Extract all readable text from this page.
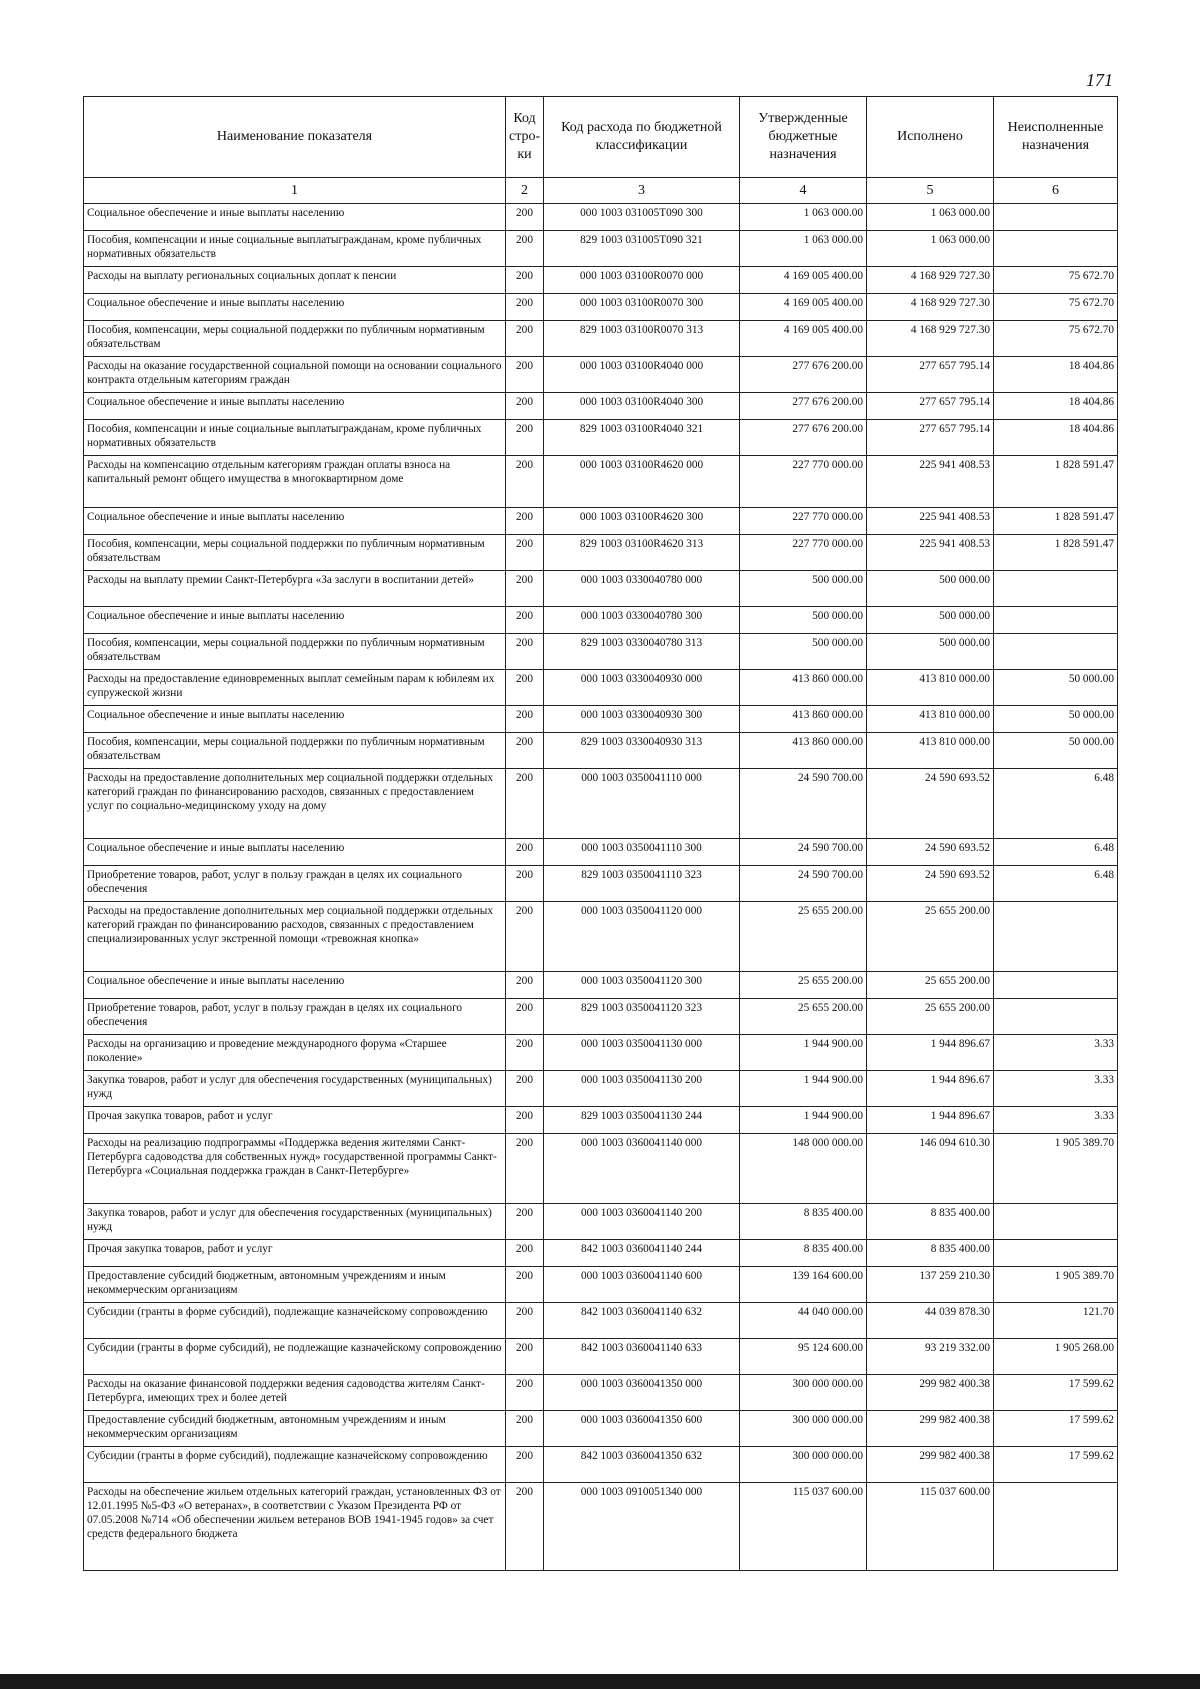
171
Наименование показателя	Код стро- ки	Код расхода по бюджетной классификации	Утвержденные бюджетные назначения	Исполнено	Неисполненные назначения
1	2	3	4	5	6
Социальное обеспечение и иные выплаты населению	200	000 1003 031005Т090 300	1 063 000.00	1 063 000.00	
Пособия, компенсации и иные социальные выплатыгражданам, кроме публичных нормативных обязательств	200	829 1003 031005Т090 321	1 063 000.00	1 063 000.00	
Расходы на выплату региональных социальных доплат к пенсии	200	000 1003 03100R0070 000	4 169 005 400.00	4 168 929 727.30	75 672.70
Социальное обеспечение и иные выплаты населению	200	000 1003 03100R0070 300	4 169 005 400.00	4 168 929 727.30	75 672.70
Пособия, компенсации, меры социальной поддержки по публичным нормативным обязательствам	200	829 1003 03100R0070 313	4 169 005 400.00	4 168 929 727.30	75 672.70
Расходы на оказание государственной социальной помощи на основании социального контракта отдельным категориям граждан	200	000 1003 03100R4040 000	277 676 200.00	277 657 795.14	18 404.86
Социальное обеспечение и иные выплаты населению	200	000 1003 03100R4040 300	277 676 200.00	277 657 795.14	18 404.86
Пособия, компенсации и иные социальные выплатыгражданам, кроме публичных нормативных обязательств	200	829 1003 03100R4040 321	277 676 200.00	277 657 795.14	18 404.86
Расходы на компенсацию отдельным категориям граждан оплаты взноса на капитальный ремонт общего имущества в многоквартирном доме	200	000 1003 03100R4620 000	227 770 000.00	225 941 408.53	1 828 591.47
Социальное обеспечение и иные выплаты населению	200	000 1003 03100R4620 300	227 770 000.00	225 941 408.53	1 828 591.47
Пособия, компенсации, меры социальной поддержки по публичным нормативным обязательствам	200	829 1003 03100R4620 313	227 770 000.00	225 941 408.53	1 828 591.47
Расходы на выплату премии Санкт-Петербурга «За заслуги в воспитании детей»	200	000 1003 0330040780 000	500 000.00	500 000.00	
Социальное обеспечение и иные выплаты населению	200	000 1003 0330040780 300	500 000.00	500 000.00	
Пособия, компенсации, меры социальной поддержки по публичным нормативным обязательствам	200	829 1003 0330040780 313	500 000.00	500 000.00	
Расходы на предоставление единовременных выплат семейным парам к юбилеям их супружеской жизни	200	000 1003 0330040930 000	413 860 000.00	413 810 000.00	50 000.00
Социальное обеспечение и иные выплаты населению	200	000 1003 0330040930 300	413 860 000.00	413 810 000.00	50 000.00
Пособия, компенсации, меры социальной поддержки по публичным нормативным обязательствам	200	829 1003 0330040930 313	413 860 000.00	413 810 000.00	50 000.00
Расходы на предоставление дополнительных мер социальной поддержки отдельных категорий граждан по финансированию расходов, связанных с предоставлением услуг по социально-медицинскому уходу на дому	200	000 1003 0350041110 000	24 590 700.00	24 590 693.52	6.48
Социальное обеспечение и иные выплаты населению	200	000 1003 0350041110 300	24 590 700.00	24 590 693.52	6.48
Приобретение товаров, работ, услуг в пользу граждан в целях их социального обеспечения	200	829 1003 0350041110 323	24 590 700.00	24 590 693.52	6.48
Расходы на предоставление дополнительных мер социальной поддержки отдельных категорий граждан по финансированию расходов, связанных с предоставлением специализированных услуг экстренной помощи «тревожная кнопка»	200	000 1003 0350041120 000	25 655 200.00	25 655 200.00	
Социальное обеспечение и иные выплаты населению	200	000 1003 0350041120 300	25 655 200.00	25 655 200.00	
Приобретение товаров, работ, услуг в пользу граждан в целях их социального обеспечения	200	829 1003 0350041120 323	25 655 200.00	25 655 200.00	
Расходы на организацию и проведение международного форума «Старшее поколение»	200	000 1003 0350041130 000	1 944 900.00	1 944 896.67	3.33
Закупка товаров, работ и услуг для обеспечения государственных (муниципальных) нужд	200	000 1003 0350041130 200	1 944 900.00	1 944 896.67	3.33
Прочая закупка товаров, работ и услуг	200	829 1003 0350041130 244	1 944 900.00	1 944 896.67	3.33
Расходы на реализацию подпрограммы «Поддержка ведения жителями Санкт-Петербурга садоводства для собственных нужд» государственной программы Санкт-Петербурга «Социальная поддержка граждан в Санкт-Петербурге»	200	000 1003 0360041140 000	148 000 000.00	146 094 610.30	1 905 389.70
Закупка товаров, работ и услуг для обеспечения государственных (муниципальных) нужд	200	000 1003 0360041140 200	8 835 400.00	8 835 400.00	
Прочая закупка товаров, работ и услуг	200	842 1003 0360041140 244	8 835 400.00	8 835 400.00	
Предоставление субсидий бюджетным, автономным учреждениям и иным некоммерческим организациям	200	000 1003 0360041140 600	139 164 600.00	137 259 210.30	1 905 389.70
Субсидии (гранты в форме субсидий), подлежащие казначейскому сопровождению	200	842 1003 0360041140 632	44 040 000.00	44 039 878.30	121.70
Субсидии (гранты в форме субсидий), не подлежащие казначейскому сопровождению	200	842 1003 0360041140 633	95 124 600.00	93 219 332.00	1 905 268.00
Расходы на оказание финансовой поддержки ведения садоводства жителям Санкт-Петербурга, имеющих трех и более детей	200	000 1003 0360041350 000	300 000 000.00	299 982 400.38	17 599.62
Предоставление субсидий бюджетным, автономным учреждениям и иным некоммерческим организациям	200	000 1003 0360041350 600	300 000 000.00	299 982 400.38	17 599.62
Субсидии (гранты в форме субсидий), подлежащие казначейскому сопровождению	200	842 1003 0360041350 632	300 000 000.00	299 982 400.38	17 599.62
Расходы на обеспечение жильем отдельных категорий граждан, установленных ФЗ от 12.01.1995 №5-ФЗ «О ветеранах», в соответствии с Указом Президента РФ от 07.05.2008 №714 «Об обеспечении жильем ветеранов ВОВ 1941-1945 годов» за счет средств федерального бюджета	200	000 1003 0910051340 000	115 037 600.00	115 037 600.00	
